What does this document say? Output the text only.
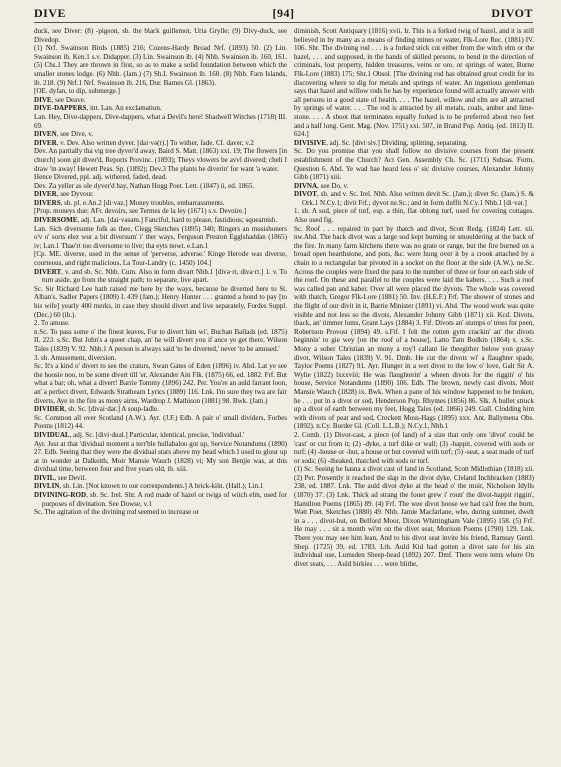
DIVE	[94]	DIVOT

duck, see Diver: (8) -pigeon, sb. the black guillemot, Uria Grylle; (9) Divy-duck, see Divedop.

(1) Nrf. Swainson Birds (1885) 216; Cozens-Hardy Broad Nrf. (1893) 50. (2) Lin. Swainson ib. Ken.1 s.v. Didapper. (3) Lin. Swainson ib. (4) Nhb. Swainson ib. 160, 161. (5) Chs.1 They are thrown in first, so as to make a solid foundation between which the smaller stones lodge. (6) Nhb. (Jam.) (7) Sh.I. Swainson ib. 160. (8) Nhb. Farn Islands, ib. 218. (9) Nrf.1 Nrf. Swainson ib. 216, Dor. Barnes Gl. (1863).

[OE. dyfan, to dip, submerge.]

DIVE, see Deave.

DIVE-DAPPERS, int. Lan. An exclamation.

Lan. Hey, Dive-dappers, Dive-dappers, what a Devil's here! Shadwell Witches (1718) III. 69.

DIVEN, see Dive, v.

DIVER, v. Dev. Also written dyver. [dai·və(r).] To wither, fade. Cf. daver, v.2

Dev. An partially tha vig tree dyver'd away, Baird S. Matt. (1863) xxi. 19; The flowers [in church] soon git diver'd, Reports Provinc. (1893); Theys vlowers be avvl divered; cheli I draw 'm away! Hewett Peas. Sp. (1892); Dev.3 The plants be diverin' for want 'a water.

Hence Divered, ppl. adj. withered, faded, dead.

Dev. Za yeller as ole dyver'd hay, Nathan Hogg Poet. Lett. (1847) ii, ed. 1865.

DIVER, see Dyvour.

DIVERS, sb. pl. e.An.2 [di·vəz.] Money troubles, embarrassments.

[Prop. moneys due; AFr. devoirs, see Termes de la ley (1671) s.v. Devoire.]

DIVERSOME, adj. Lan. [dai·vəsəm.] Fanciful, hard to please, fastidious; squeamish.

Lan. Sich diversome folk as thee, Clegg Sketches (1895) 340; Ringers an musishoners o'v o' sorts elez wur a bit diversum' i' ther ways, Ferguson Preston Egglshaddan (1865) iv; Lan.1 Thae'rt too diversome to live; tha eyts nowt. e.Lan.1

[Cp. ME. diverse, used in the sense of 'perverse, adverse.' Kinge Herode was diverse, courteous, and right malicious, La Tour-Landry (c. 1450) 104.]

DIVERT, v. and sb. Sc. Nhb. Cum. Also in form divart Nhb.1 [divə·rt, diva·rt.] 1. v. To turn aside, go from the straight path; to separate, live apart.

Sc. Sir Richard Lee hath raised me here by the ways, because he diverted here to St. Alban's, Sadler Papers (1809) I. 439 (Jam.); Henry Hunter . . . granted a bond to pay [to his wife] yearly 400 merks, in case they should divert and live separately, Fordes Suppl. (Dec.) 60 (ib.).

2. To amuse.

n.Sc. To pass some o' the finest leaves, For to divert him wi', Buchan Ballads (ed. 1875) II. 223. s.Sc. But John's a queer chap, an' he will divert you if ance ye get there, Wilson Tales (1839) V. 92. Nhb.1 A person is always said 'to be diverted,' never 'to be amused.'

3. sb. Amusement, diversion.

Sc. It's a kind o' divert to see the craturs, Swan Gates of Eden (1896) iv. Abd. Lat ye see the hoosie noo, to be some divert till 'er, Alexander Ain Flk. (1875) 66, ed. 1882. Frf. But what a bar; oh, what a divert! Barrie Tommy (1896) 242. Per. You're an auld farrant loon, an' a perfect divert, Edwards Strathearn Lyrics (1889) 116. Lnk. I'm sure they twa are fair diverts, Aye in the fire as mony airns, Wardrop J. Mathison (1881) 98. Bwk. (Jam.)

DIVIDER, sb. Sc. [divai·dər.] A soup-ladle.

Sc. Common all over Scotland (A.W.). Ayr. (J.F.) Edb. A pair o' small dividers, Forbes Poems (1812) 44.

DIVIDUAL, adj. Sc. [divi·duəl.] Particular, identical, precise, 'individual.'

Ayr. Just at that 'dividual moment a terr'ble hullabaloo got up, Service Notandums (1890) 27. Edb. Seeing that they were the dividual stars above my head which I used to glour up at in wonder at Dalkeith, Moir Mansie Wauch (1828) vi; My son Benjie was, at this dividual time, between four and five years old, ib. xiii.

DIVIL, see Devil.

DIVLIN, sb. Lin. [Not known to our correspondents.] A brick-kiln. (Hall.); Lin.1

DIVINING-ROD, sb. Sc. Irel. Shr. A rod made of hazel or twigs of witch elm, used for purposes of divination. See Dowse, v.1

Sc. The agitation of the divining rod seemed to increase or

diminish, Scott Antiquary (1816) xvii. Ir. This is a forked twig of hazel, and it is still believed in by many as a means of finding mines or water, Flk-Lore Rec. (1881) IV. 106. Shr. The divining rod . . . is a forked stick cut either from the witch elm or the hazel, . . . and supposed, in the hands of skilled persons, to bend in the direction of criminals, lost property, hidden treasures, veins or ore, or springs of water, Burne Flk-Lore (1883) 175; Shr.1 Obsol. [The divining rod has obtained great credit for its discovering where to dig for metals and springs of water. An ingenious gentleman says that hazel and willow rods he has by experience found will actually answer with all persons in a good state of health. . . . The hazel, willow and elm are all attracted by springs of water. . . . The rod is attracted by all metals, coals, amber and lime-stone. . . . A shoot that terminates equally forked is to be preferred about two feet and a half long. Gent. Mag. (Nov. 1751) xxi. 507, in Brand Pop. Antiq. (ed. 1813) II. 624.]

DIVISIVE, adj. Sc. [divi·siv.] Dividing, splitting, separating.

Sc. Do you promise that you shall follow no divisive courses from the present establishment of the Church? Act Gen. Assembly Ch. Sc. (1711) Suhsas. Form, Question 6. Abd. Ye wad hae heard less o' sic divisive courses, Alexander Johnny Gibb (1871) xiii.

DIVNA, see Do, v.

DIVOT, sb. and v. Sc. Irel. Nhb. Also written devit Sc. (Jam.); divet Sc. (Jam.) S. & Ork.1 N.Cy.1; divit Frf.; dyvot ne.Sc.; and in form duffit N.Cy.1 Nhb.1 [di·vət.]

1. sb. A sod, piece of turf, esp. a thin, flat oblong turf, used for covering cottages. Also used fig.

Sc. Roof . . . repaired in part by thatch and divot, Scott Redg. (1824) Lett. xii. nw.Abd. The back divot was a large sod kept burning or smouldering at the back of the fire. In many farm kitchens there was no grate or range, but the fire burned on a broad open hearthstone, and pots, &c. were hung over it by a crook attached by a chain to a rectangular bar pivoted in a socket on the floor at the side (A.W.). ne.Sc. Across the couples were fixed the para to the number of three or four on each side of the roof. On these and parallel to the couples were laid the kabers. . . . Such a roof was called pan and kaber. Over all were placed the dyvots. The whole was covered with thatch, Gregor Flk-Lore (1881) 50. Inv. (H.E.F.) Frf. The shower of stones and the flight of our divit in it, Barrie Minister (1891) vi. Abd. The wood work was quite visible and not less so the divots, Alexander Johnny Gibb (1871) xii. Kcd. Divots, thack, an' timmer lums, Grant Lays (1884) 3. Fif. Divots an' stumps o' trees for peen, Robertson Provost (1894) 49. s.Fif. I felt the rotten gym crackin' an' the divots beginnin' to gie wey [on the roof of a house], Latto Tam Bodkin (1864) x. s.Sc. Mony a sober Christian an mony a roy'l callant lie theegither below yon grassy divot, Wilson Tales (1839) V. 91. Dmb. He cut the divots wi' a flaughter spade, Taylor Poems (1827) 91. Ayr. Hunger in a wet divot to the low o' love, Galt Sir A. Wylie (1822) lxxxviii; He was flaughterin' a wheen divots for the riggin' o' his house, Service Notandums (1890) 106. Edb. The brown, newly cast divots, Moir Mansie Wauch (1828) ix. Bwk. When a pane of his window happened to be broken, he . . . put in a divot or sod, Henderson Pop. Rhymes (1856) 86. Slk. A bullet struck up a divot of earth between my feet, Hogg Tales (ed. 1866) 249. Gall. Clodding him with divots of peat and sod, Crockett Moss-Hags (1895) xxx. Ant. Ballymena Obs. (1892). n.Cy. Border Gl. (Coll. L.L.B.); N.Cy.1, Nhb.1

2. Comb. (1) Divot-cast, a piece (of land) of a size that only one 'divot' could be 'cast' or cut from it; (2) -dyke, a turf dike or wall; (3) -happit, covered with sods or turf; (4) -house or -hut, a house or hut covered with turf; (5) -seat, a seat made of turf or sods; (6) -theaked, thatched with sods or turf.

(1) Sc. Seeing he hasna a divot cast of land in Scotland, Scott Midlothian (1818) xii. (2) Per. Presently it reached the slap in the divot dyke, Cleland Inchbracken (1883) 238, ed. 1887. Lnk. The auld divot dyke at the head o' the muir, Nicholson Idylls (1870) 37. (3) Lnk. Thick ad strang the fouet grew i' roun' the divot-happit riggin', Hamilton Poems (1865) 89. (4) Frf. The wee divot hoose we had ca'd free the burn, Watt Poet. Sketches (1880) 49. Nhb. Jamie Macfarlane, who, during summer, dwelt in a . . . divot-hut, on Belford Moor, Dixon Whittingham Vale (1895) 158. (5) Frf. He may . . . sit a month wi'm on the divet seat, Morison Poems (1790) 129. Lnk. There you may see him lean, And to his divot seat invite his friend, Ramsay Gentl. Shep. (1725) 39, ed. 1783. Lth. Auld Kid had gotten a divot sate for his ain individual use, Lumsden Sheep-head (1892) 207. Dmf. There were tents where On divet seats, . . . Auld birkies . . . were blithe,
